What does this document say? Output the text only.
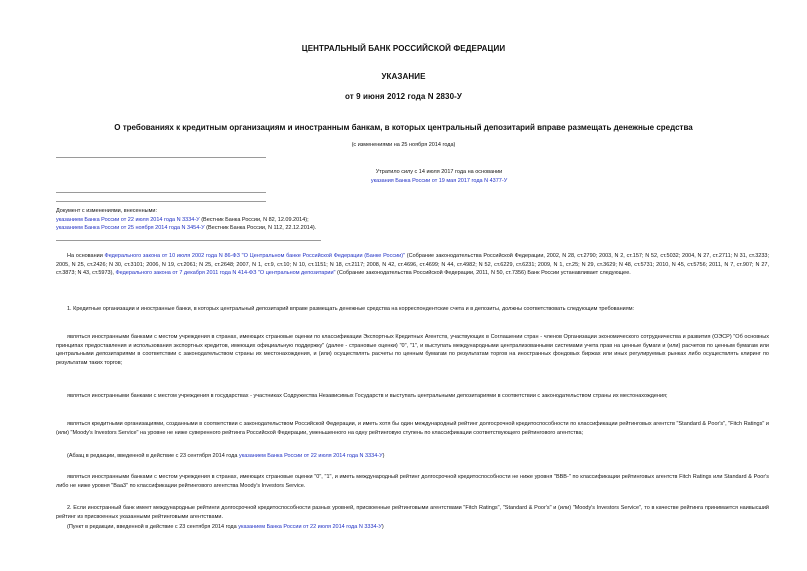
ЦЕНТРАЛЬНЫЙ БАНК РОССИЙСКОЙ ФЕДЕРАЦИИ
УКАЗАНИЕ
от 9 июня 2012 года N 2830-У
О требованиях к кредитным организациям и иностранным банкам, в которых центральный депозитарий вправе размещать денежные средства
(с изменениями на 25 ноября 2014 года)
Утратило силу с 14 июля 2017 года на основании
указания Банка России от 19 мая 2017 года N 4377-У
Документ с изменениями, внесенными:
указанием Банка России от 22 июля 2014 года N 3334-У (Вестник Банка России, N 82, 12.09.2014);
указанием Банка России от 25 ноября 2014 года N 3454-У (Вестник Банка России, N 112, 22.12.2014).
На основании Федерального закона от 10 июля 2002 года N 86-ФЗ "О Центральном банке Российской Федерации (Банке России)" (Собрание законодательства Российской Федерации, 2002, N 28, ст.2790; 2003, N 2, ст.157; N 52, ст.5032; 2004, N 27, ст.2711; N 31, ст.3233; 2005, N 25, ст.2426; N 30, ст.3101; 2006, N 19, ст.2061; N 25, ст.2648; 2007, N 1, ст.9, ст.10; N 10, ст.1151; N 18, ст.2117; 2008, N 42, ст.4696, ст.4699; N 44, ст.4982; N 52, ст.6229, ст.6231; 2009, N 1, ст.25; N 29, ст.3629; N 48, ст.5731; 2010, N 45, ст.5756; 2011, N 7, ст.907; N 27, ст.3873; N 43, ст.5973), Федерального закона от 7 декабря 2011 года N 414-ФЗ "О центральном депозитарии" (Собрание законодательства Российской Федерации, 2011, N 50, ст.7356) Банк России устанавливает следующее.
1. Кредитные организации и иностранные банки, в которых центральный депозитарий вправе размещать денежные средства на корреспондентские счета и в депозиты, должны соответствовать следующим требованиям:
являться иностранными банками с местом учреждения в странах, имеющих страновые оценки по классификации Экспортных Кредитных Агентств, участвующих в Соглашении стран - членов Организации экономического сотрудничества и развития (ОЭСР) "Об основных принципах предоставления и использования экспортных кредитов, имеющих официальную поддержку" (далее - страновые оценки) "0", "1", и выступать международными централизованными системами учета прав на ценные бумаги и (или) расчетов по ценным бумагам или центральными депозитариями в соответствии с законодательством страны их местонахождения, и (или) осуществлять расчеты по ценным бумагам по результатам торгов на иностранных фондовых биржах или иных регулируемых рынках либо осуществлять клиринг по результатам таких торгов;
являться иностранными банками с местом учреждения в государствах - участниках Содружества Независимых Государств и выступать центральными депозитариями в соответствии с законодательством страны их местонахождения;
являться кредитными организациями, созданными в соответствии с законодательством Российской Федерации, и иметь хотя бы один международный рейтинг долгосрочной кредитоспособности по классификации рейтинговых агентств "Standard & Poor's", "Fitch Ratings" и (или) "Moody's Investors Service" на уровне не ниже суверенного рейтинга Российской Федерации, уменьшенного на одну рейтинговую ступень по классификации соответствующего рейтингового агентства;
(Абзац в редакции, введенной в действие с 23 сентября 2014 года указанием Банка России от 22 июля 2014 года N 3334-У)
являться иностранными банками с местом учреждения в странах, имеющих страновые оценки "0", "1", и иметь международный рейтинг долгосрочной кредитоспособности не ниже уровня "BBB-" по классификации рейтинговых агентств Fitch Ratings или Standard & Poor's либо не ниже уровня "Baa3" по классификации рейтингового агентства Moody's Investors Service.
2. Если иностранный банк имеет международные рейтинги долгосрочной кредитоспособности разных уровней, присвоенные рейтинговыми агентствами "Fitch Ratings", "Standard & Poor's" и (или) "Moody's Investors Service", то в качестве рейтинга принимается наивысший рейтинг из присвоенных указанными рейтинговыми агентствами.
(Пункт в редакции, введенной в действие с 23 сентября 2014 года указанием Банка России от 22 июля 2014 года N 3334-У)
